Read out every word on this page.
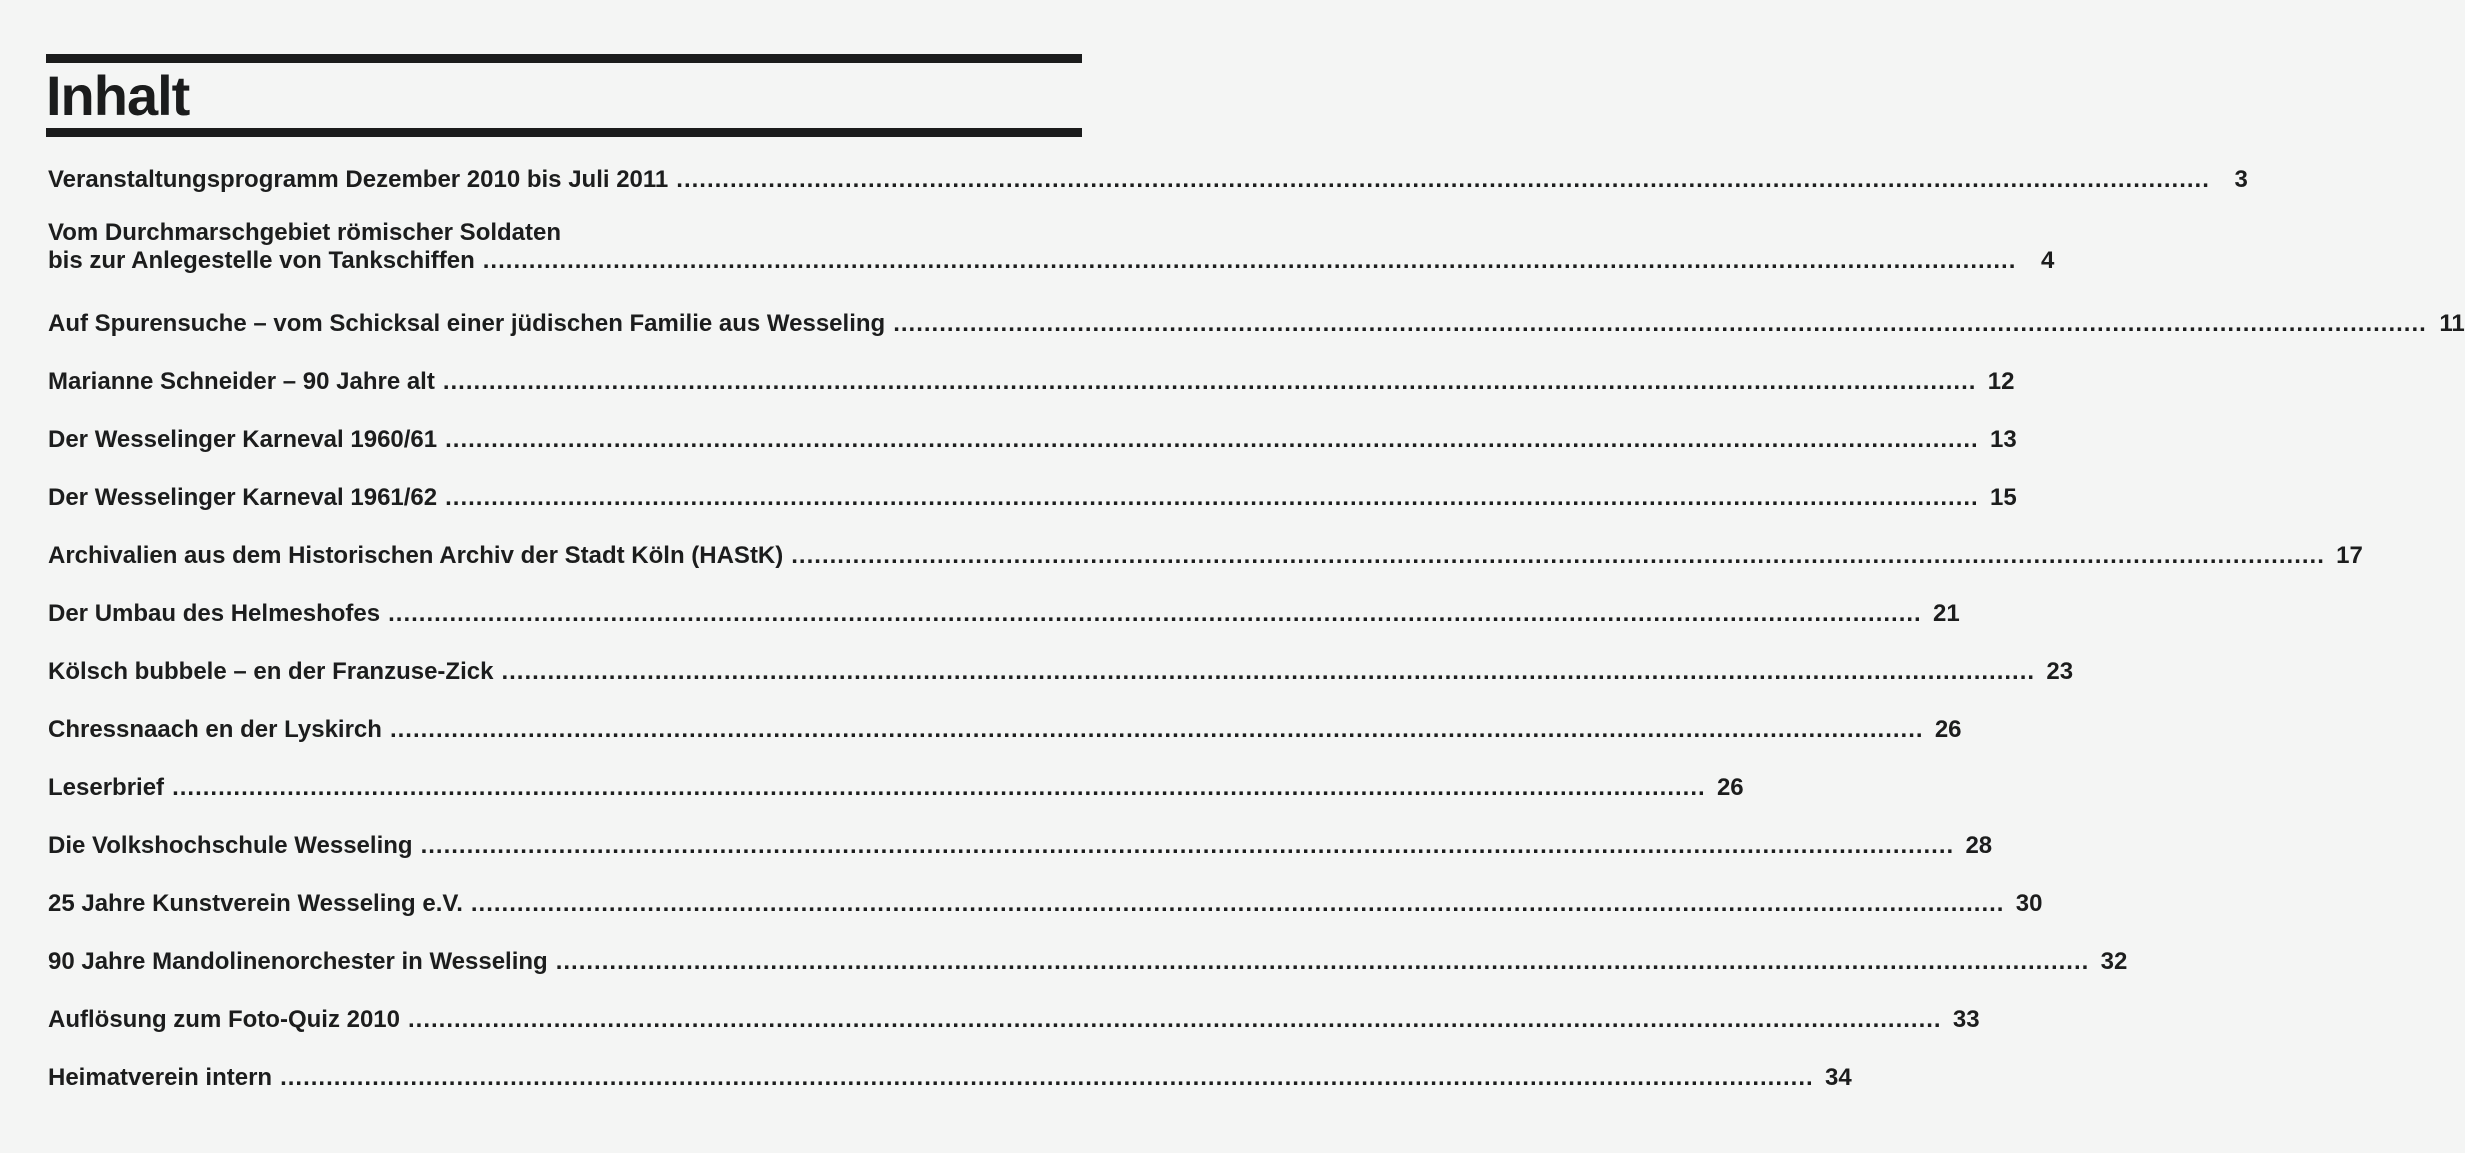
Inhalt
Veranstaltungsprogramm Dezember 2010 bis Juli 2011 ........................................................................................................................................................................................................	3
Vom Durchmarschgebiet römischer Soldaten
bis zur Anlegestelle von Tankschiffen ........................................................................................................................................................................................................	4
Auf Spurensuche – vom Schicksal einer jüdischen Familie aus Wesseling ........................................................................................................................................................................................................ 11
Marianne Schneider – 90 Jahre alt ........................................................................................................................................................................................................ 12
Der Wesselinger Karneval 1960/61 ........................................................................................................................................................................................................ 13
Der Wesselinger Karneval 1961/62 ........................................................................................................................................................................................................ 15
Archivalien aus dem Historischen Archiv der Stadt Köln (HAStK) ........................................................................................................................................................................................................ 17
Der Umbau des Helmeshofes ........................................................................................................................................................................................................ 21
Kölsch bubbele – en der Franzuse-Zick ........................................................................................................................................................................................................ 23
Chressnaach en der Lyskirch ........................................................................................................................................................................................................ 26
Leserbrief ........................................................................................................................................................................................................ 26
Die Volkshochschule Wesseling ........................................................................................................................................................................................................ 28
25 Jahre Kunstverein Wesseling e.V. ........................................................................................................................................................................................................ 30
90 Jahre Mandolinenorchester in Wesseling ........................................................................................................................................................................................................ 32
Auflösung zum Foto-Quiz 2010 ........................................................................................................................................................................................................ 33
Heimatverein intern ........................................................................................................................................................................................................ 34
